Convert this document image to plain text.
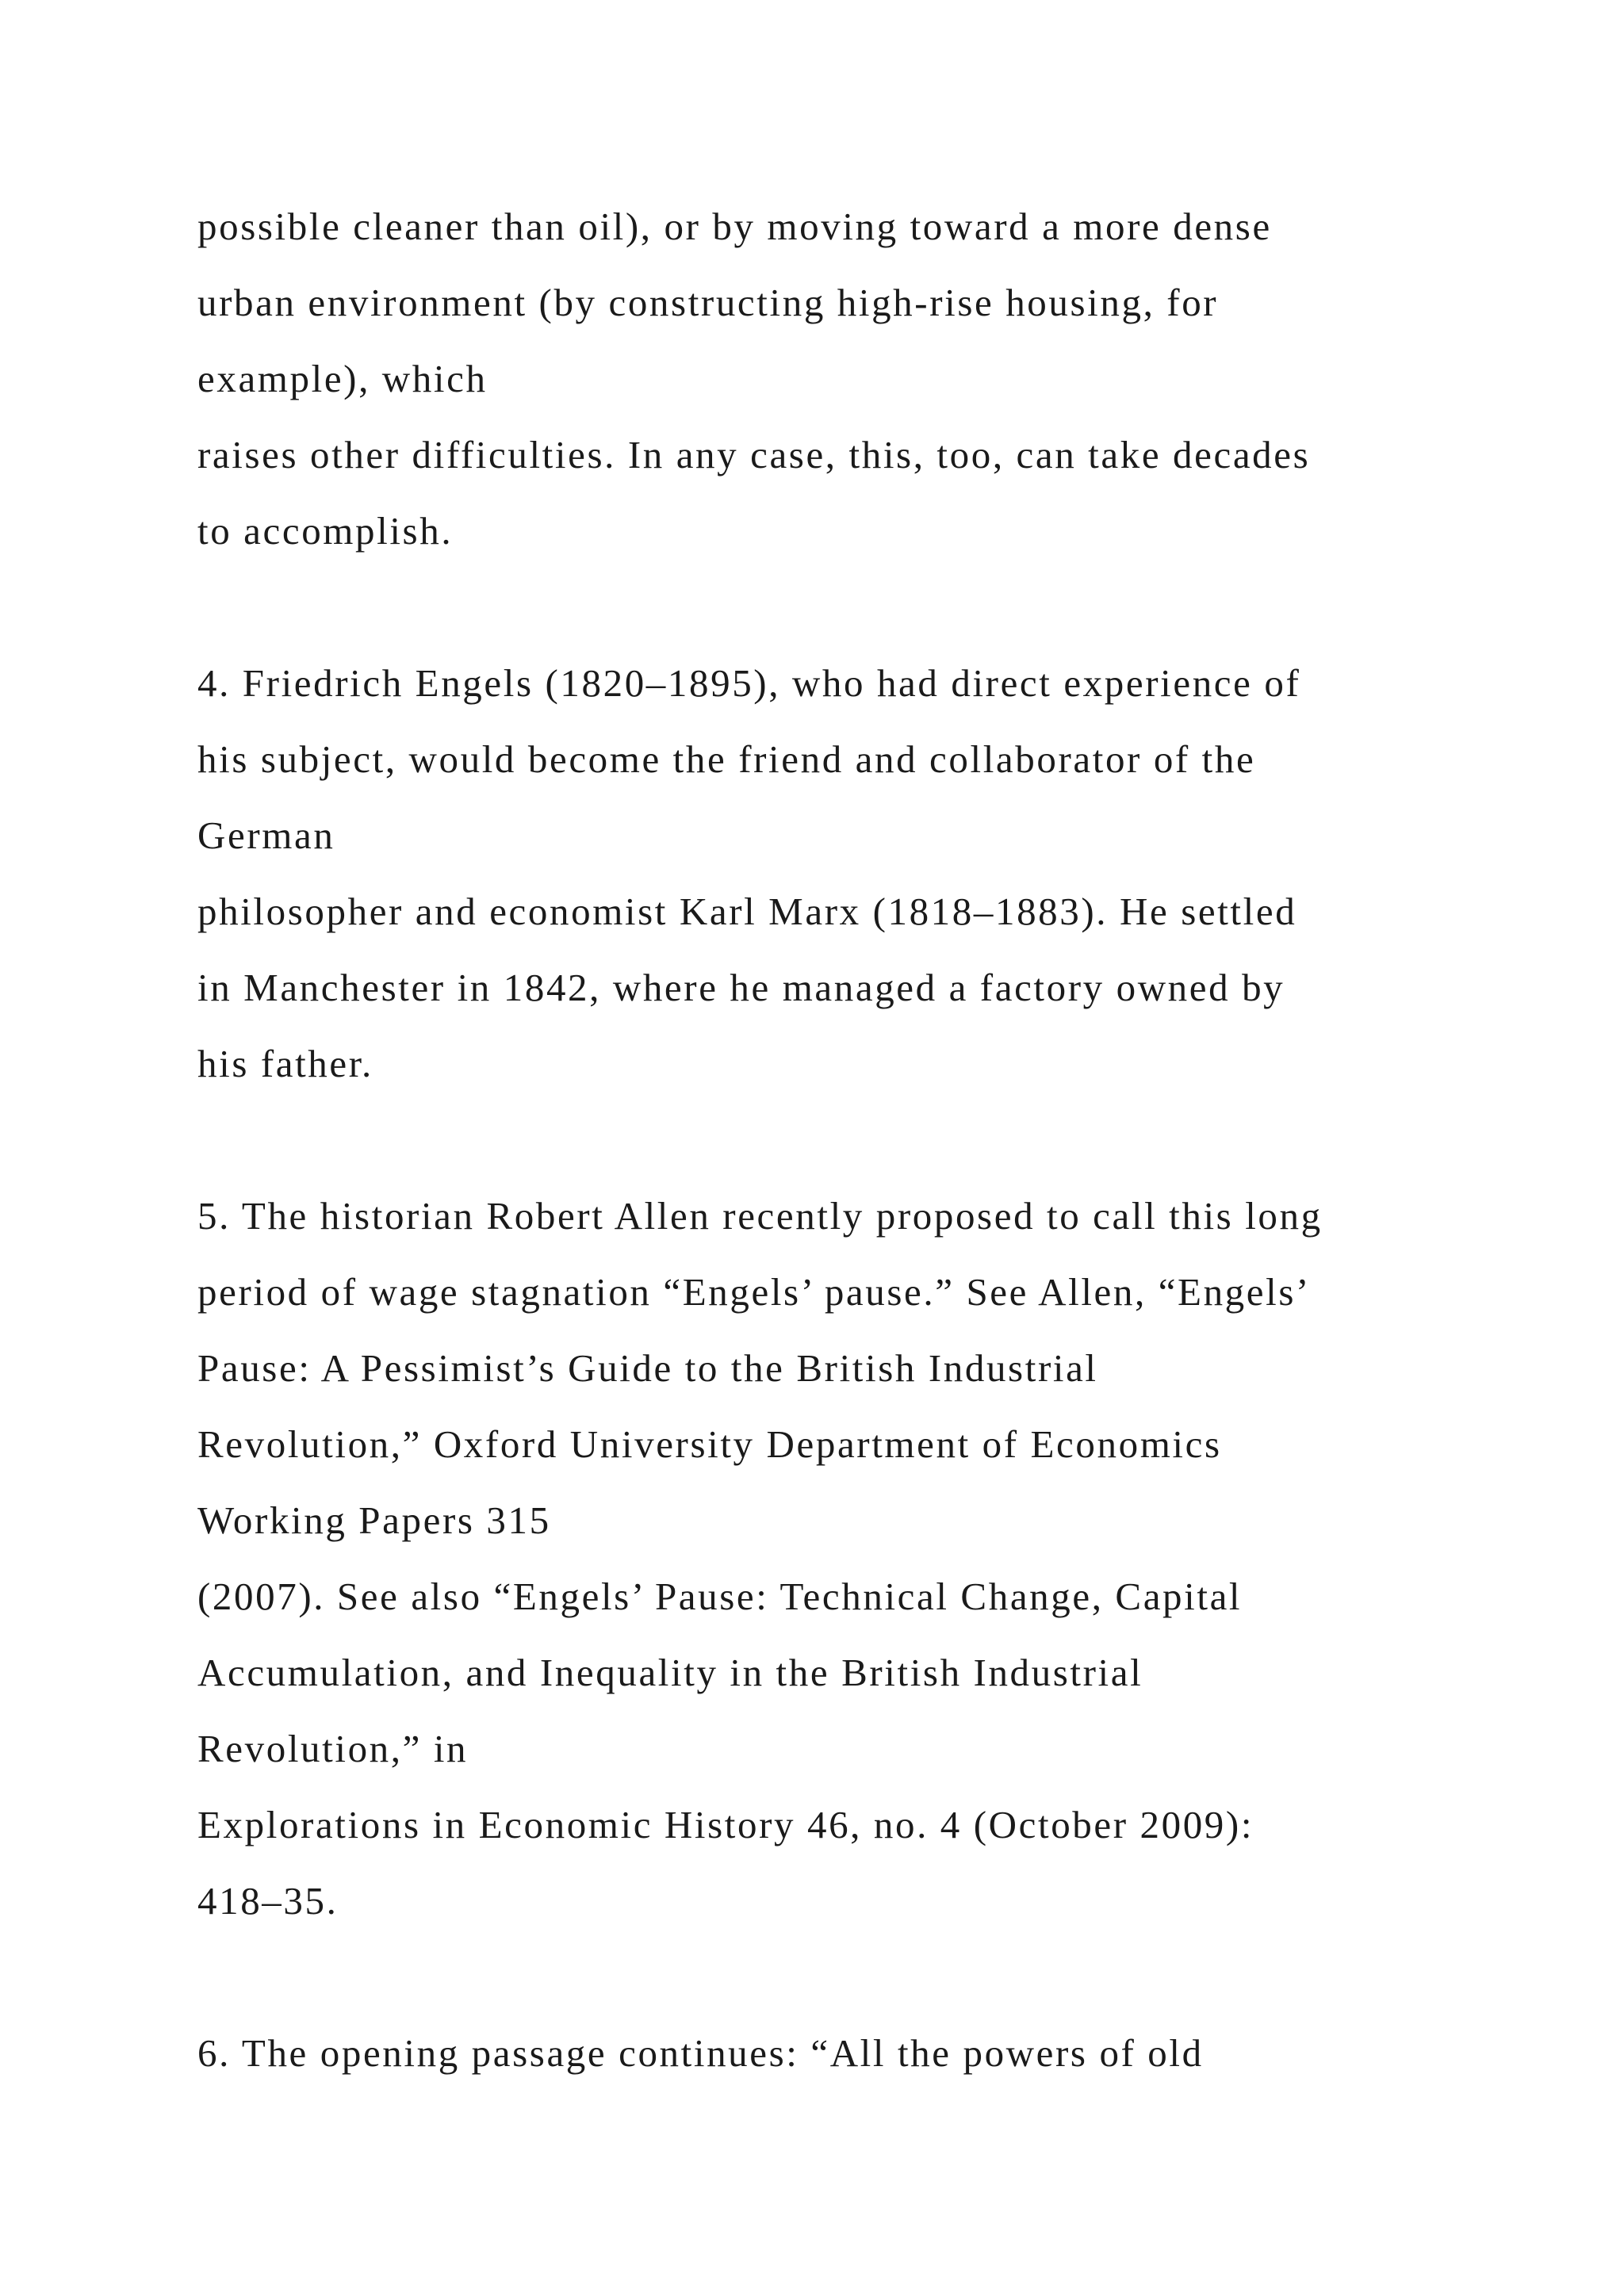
possible cleaner than oil), or by moving toward a more dense
urban environment (by constructing high-rise housing, for
example), which
raises other difficulties. In any case, this, too, can take decades
to accomplish.
4. Friedrich Engels (1820–1895), who had direct experience of
his subject, would become the friend and collaborator of the
German
philosopher and economist Karl Marx (1818–1883). He settled
in Manchester in 1842, where he managed a factory owned by
his father.
5. The historian Robert Allen recently proposed to call this long
period of wage stagnation “Engels’ pause.” See Allen, “Engels’
Pause: A Pessimist’s Guide to the British Industrial
Revolution,” Oxford University Department of Economics
Working Papers 315
(2007). See also “Engels’ Pause: Technical Change, Capital
Accumulation, and Inequality in the British Industrial
Revolution,” in
Explorations in Economic History 46, no. 4 (October 2009):
418–35.
6. The opening passage continues: “All the powers of old
